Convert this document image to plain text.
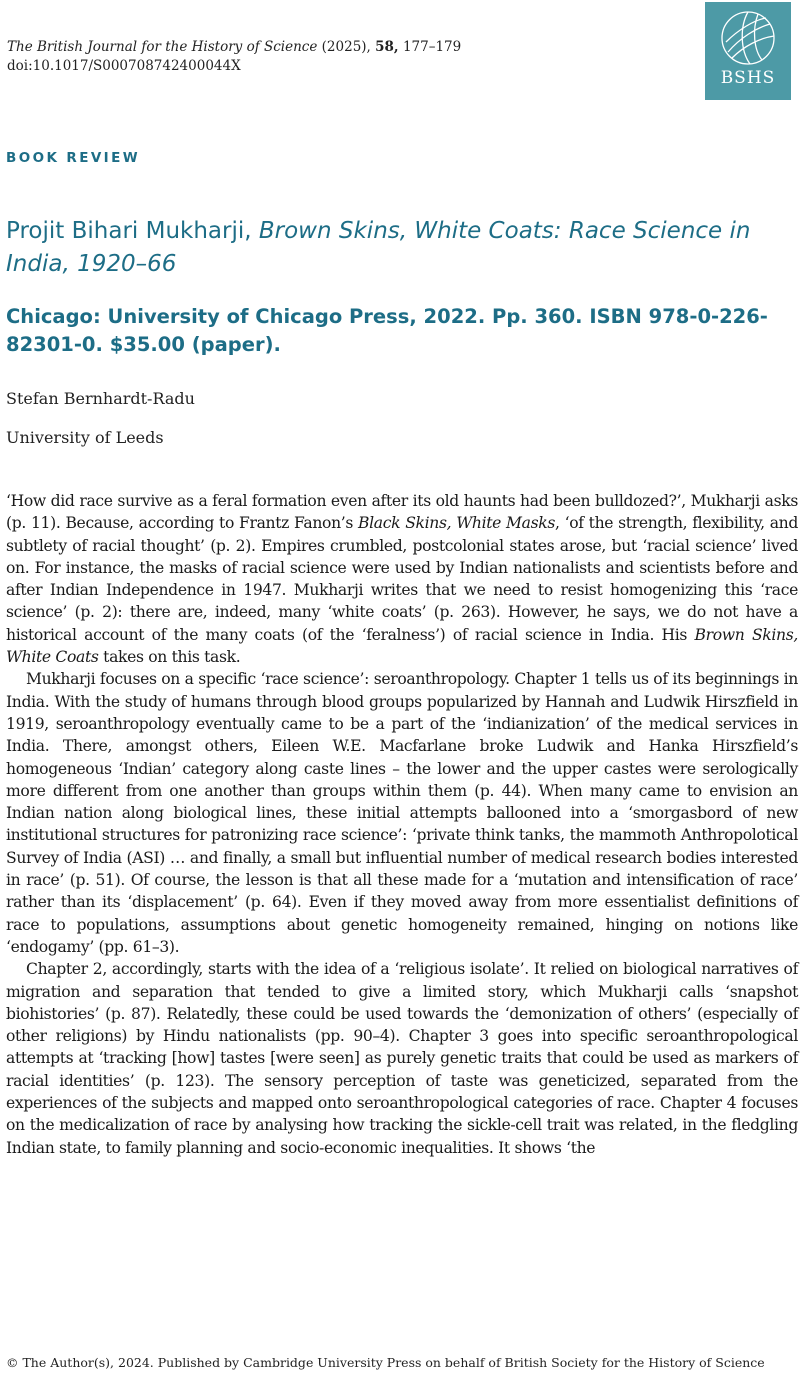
The British Journal for the History of Science (2025), 58, 177–179
doi:10.1017/S000708742400044X
BSHS
BOOK REVIEW
Projit Bihari Mukharji, Brown Skins, White Coats: Race Science in India, 1920–66
Chicago: University of Chicago Press, 2022. Pp. 360. ISBN 978-0-226-82301-0. $35.00 (paper).
Stefan Bernhardt-Radu
University of Leeds

‘How did race survive as a feral formation even after its old haunts had been bulldozed?’, Mukharji asks (p. 11). Because, according to Frantz Fanon’s Black Skins, White Masks, ‘of the strength, flexibility, and subtlety of racial thought’ (p. 2). Empires crumbled, postcolonial states arose, but ‘racial science’ lived on. For instance, the masks of racial science were used by Indian nationalists and scientists before and after Indian Independence in 1947. Mukharji writes that we need to resist homogenizing this ‘race science’ (p. 2): there are, indeed, many ‘white coats’ (p. 263). However, he says, we do not have a historical account of the many coats (of the ‘feralness’) of racial science in India. His Brown Skins, White Coats takes on this task.

Mukharji focuses on a specific ‘race science’: seroanthropology. Chapter 1 tells us of its beginnings in India. With the study of humans through blood groups popularized by Hannah and Ludwik Hirszfield in 1919, seroanthropology eventually came to be a part of the ‘indianization’ of the medical services in India. There, amongst others, Eileen W.E. Macfarlane broke Ludwik and Hanka Hirszfield’s homogeneous ‘Indian’ category along caste lines – the lower and the upper castes were serologically more different from one another than groups within them (p. 44). When many came to envision an Indian nation along biological lines, these initial attempts ballooned into a ‘smorgasbord of new institutional structures for patronizing race science’: ‘private think tanks, the mammoth Anthropolotical Survey of India (ASI) … and finally, a small but influential number of medical research bodies interested in race’ (p. 51). Of course, the lesson is that all these made for a ‘mutation and intensification of race’ rather than its ‘displacement’ (p. 64). Even if they moved away from more essentialist definitions of race to populations, assumptions about genetic homogeneity remained, hinging on notions like ‘endogamy’ (pp. 61–3).

Chapter 2, accordingly, starts with the idea of a ‘religious isolate’. It relied on biological narratives of migration and separation that tended to give a limited story, which Mukharji calls ‘snapshot biohistories’ (p. 87). Relatedly, these could be used towards the ‘demonization of others’ (especially of other religions) by Hindu nationalists (pp. 90–4). Chapter 3 goes into specific seroanthropological attempts at ‘tracking [how] tastes [were seen] as purely genetic traits that could be used as markers of racial identities’ (p. 123). The sensory perception of taste was geneticized, separated from the experiences of the subjects and mapped onto seroanthropological categories of race. Chapter 4 focuses on the medicalization of race by analysing how tracking the sickle-cell trait was related, in the fledgling Indian state, to family planning and socio-economic inequalities. It shows ‘the

© The Author(s), 2024. Published by Cambridge University Press on behalf of British Society for the History of Science
